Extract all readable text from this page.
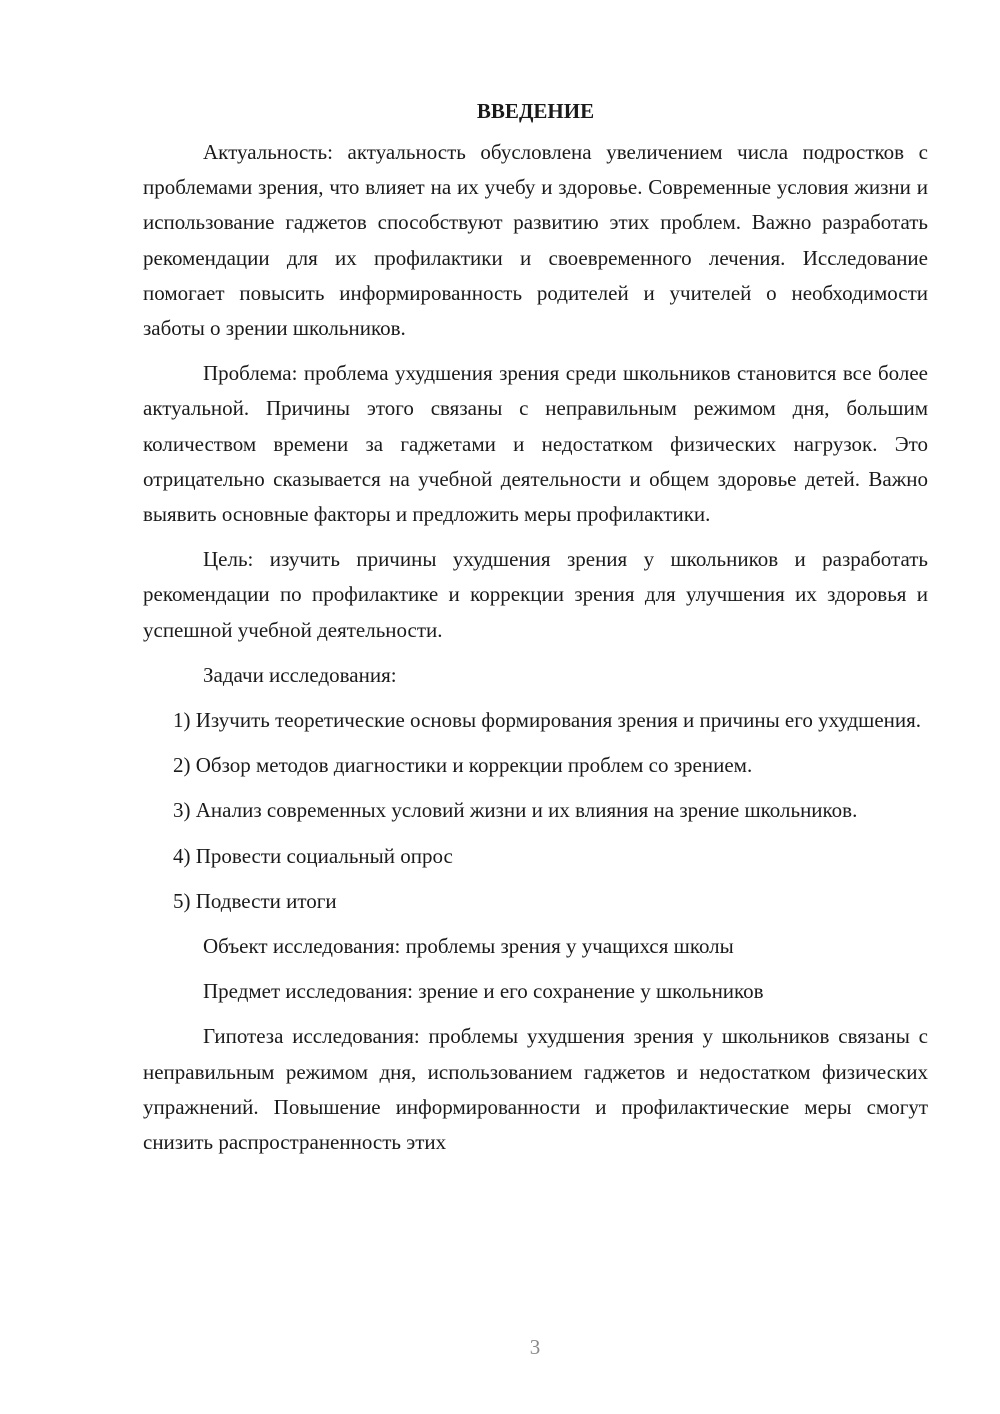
ВВЕДЕНИЕ

Актуальность: актуальность обусловлена увеличением числа подростков с проблемами зрения, что влияет на их учебу и здоровье. Современные условия жизни и использование гаджетов способствуют развитию этих проблем. Важно разработать рекомендации для их профилактики и своевременного лечения. Исследование помогает повысить информированность родителей и учителей о необходимости заботы о зрении школьников.

Проблема: проблема ухудшения зрения среди школьников становится все более актуальной. Причины этого связаны с неправильным режимом дня, большим количеством времени за гаджетами и недостатком физических нагрузок. Это отрицательно сказывается на учебной деятельности и общем здоровье детей. Важно выявить основные факторы и предложить меры профилактики.

Цель: изучить причины ухудшения зрения у школьников и разработать рекомендации по профилактике и коррекции зрения для улучшения их здоровья и успешной учебной деятельности.

Задачи исследования:

1) Изучить теоретические основы формирования зрения и причины его ухудшения.

2) Обзор методов диагностики и коррекции проблем со зрением.

3) Анализ современных условий жизни и их влияния на зрение школьников.

4) Провести социальный опрос

5) Подвести итоги

Объект исследования: проблемы зрения у учащихся школы

Предмет исследования: зрение и его сохранение у школьников

Гипотеза исследования: проблемы ухудшения зрения у школьников связаны с неправильным режимом дня, использованием гаджетов и недостатком физических упражнений. Повышение информированности и профилактические меры смогут снизить распространенность этих

3
